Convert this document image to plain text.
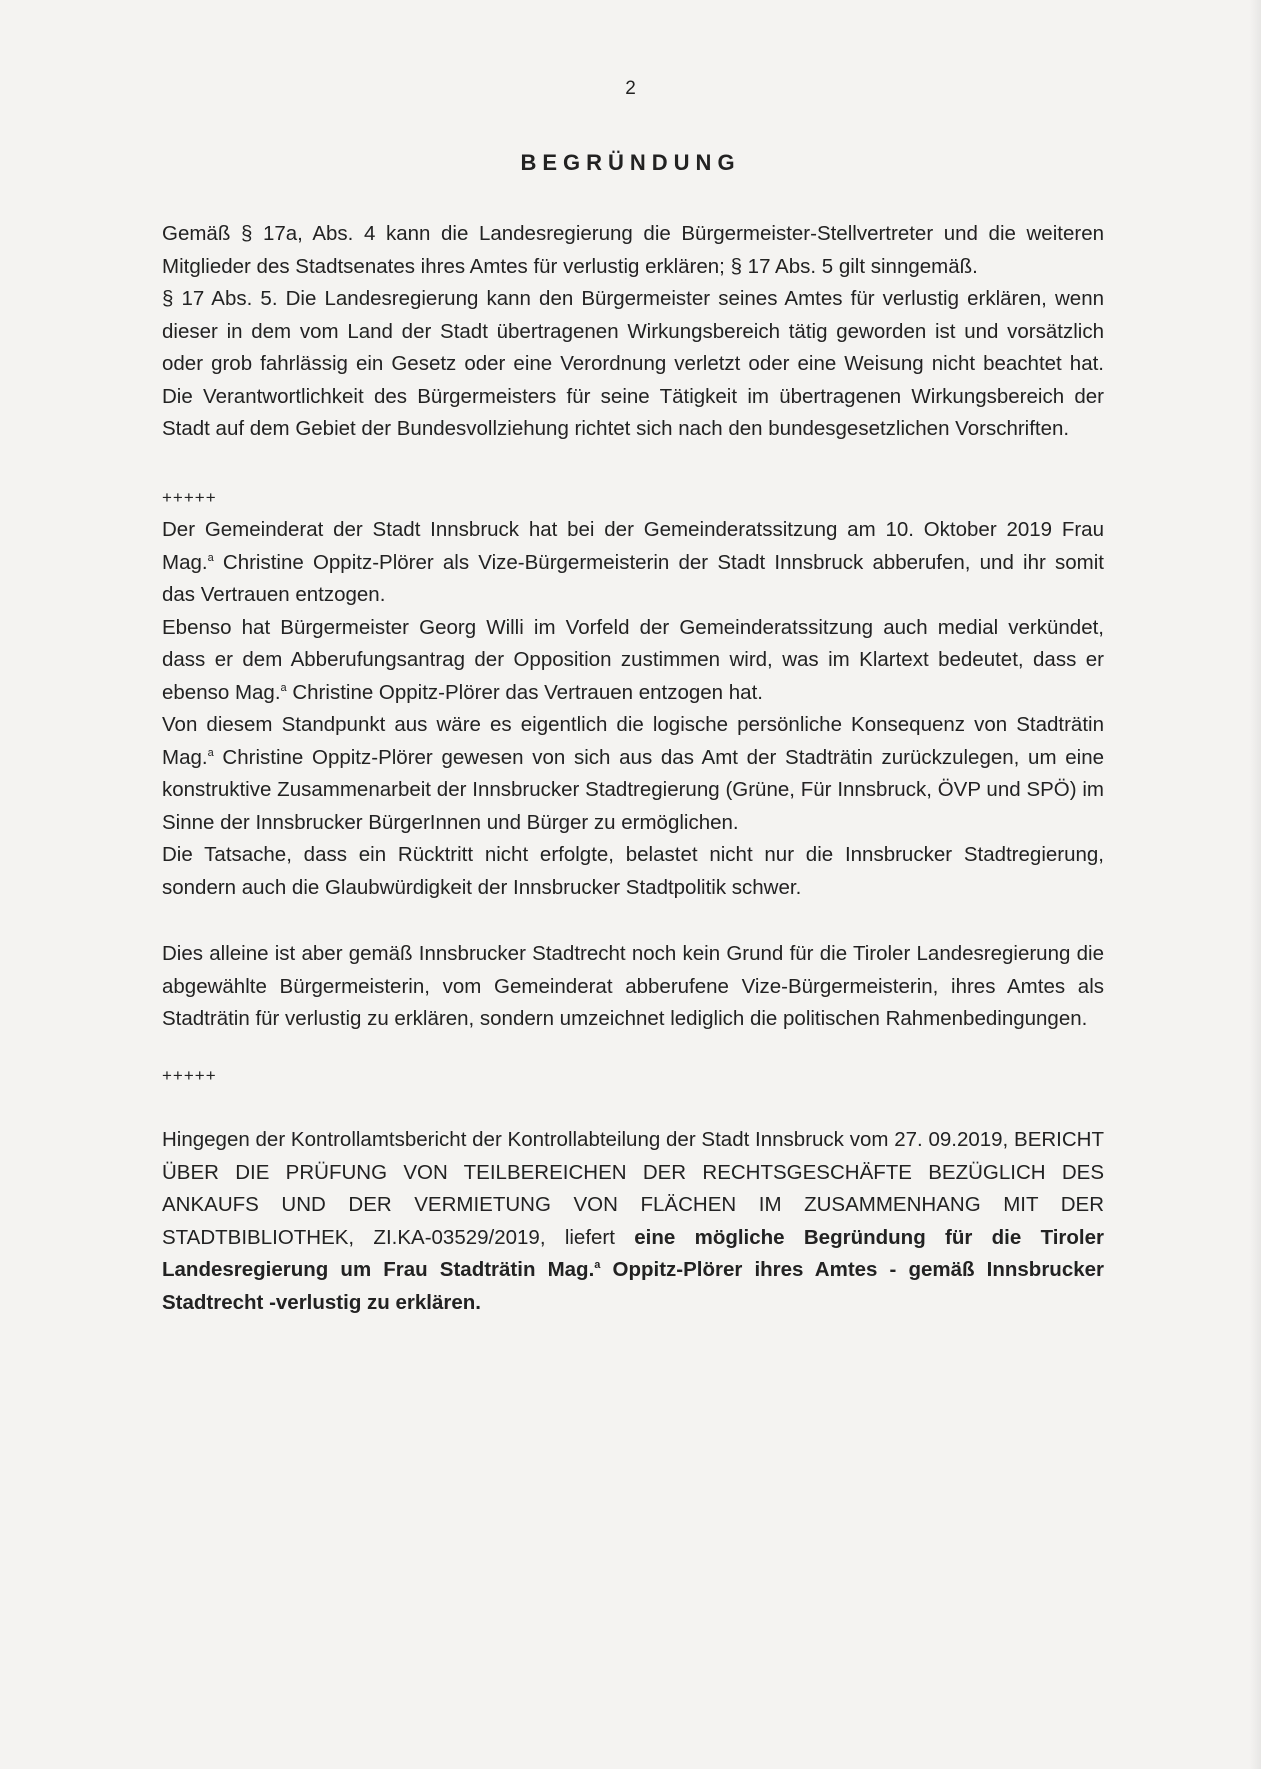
2
BEGRÜNDUNG

Gemäß § 17a, Abs. 4 kann die Landesregierung die Bürgermeister-Stellvertreter und die weiteren Mitglieder des Stadtsenates ihres Amtes für verlustig erklären; § 17 Abs. 5 gilt sinngemäß.

§ 17 Abs. 5. Die Landesregierung kann den Bürgermeister seines Amtes für verlustig erklären, wenn dieser in dem vom Land der Stadt übertragenen Wirkungsbereich tätig geworden ist und vorsätzlich oder grob fahrlässig ein Gesetz oder eine Verordnung verletzt oder eine Weisung nicht beachtet hat. Die Verantwortlichkeit des Bürgermeisters für seine Tätigkeit im übertragenen Wirkungsbereich der Stadt auf dem Gebiet der Bundesvollziehung richtet sich nach den bundesgesetzlichen Vorschriften.

+++++

Der Gemeinderat der Stadt Innsbruck hat bei der Gemeinderatssitzung am 10. Oktober 2019 Frau Mag.$^a$ Christine Oppitz-Plörer als Vize-Bürgermeisterin der Stadt Innsbruck abberufen, und ihr somit das Vertrauen entzogen.

Ebenso hat Bürgermeister Georg Willi im Vorfeld der Gemeinderatssitzung auch medial verkündet, dass er dem Abberufungsantrag der Opposition zustimmen wird, was im Klartext bedeutet, dass er ebenso Mag.$^a$ Christine Oppitz-Plörer das Vertrauen entzogen hat.

Von diesem Standpunkt aus wäre es eigentlich die logische persönliche Konsequenz von Stadträtin Mag.$^a$ Christine Oppitz-Plörer gewesen von sich aus das Amt der Stadträtin zurückzulegen, um eine konstruktive Zusammenarbeit der Innsbrucker Stadtregierung (Grüne, Für Innsbruck, ÖVP und SPÖ) im Sinne der Innsbrucker BürgerInnen und Bürger zu ermöglichen.

Die Tatsache, dass ein Rücktritt nicht erfolgte, belastet nicht nur die Innsbrucker Stadtregierung, sondern auch die Glaubwürdigkeit der Innsbrucker Stadtpolitik schwer.

Dies alleine ist aber gemäß Innsbrucker Stadtrecht noch kein Grund für die Tiroler Landesregierung die abgewählte Bürgermeisterin, vom Gemeinderat abberufene Vize-Bürgermeisterin, ihres Amtes als Stadträtin für verlustig zu erklären, sondern umzeichnet lediglich die politischen Rahmenbedingungen.

+++++

Hingegen der Kontrollamtsbericht der Kontrollabteilung der Stadt Innsbruck vom 27. 09.2019, BERICHT ÜBER DIE PRÜFUNG VON TEILBEREICHEN DER RECHTSGESCHÄFTE BEZÜGLICH DES ANKAUFS UND DER VERMIETUNG VON FLÄCHEN IM ZUSAMMENHANG MIT DER STADTBIBLIOTHEK, ZI.KA-03529/2019, liefert eine mögliche Begründung für die Tiroler Landesregierung um Frau Stadträtin Mag.$^a$ Oppitz-Plörer ihres Amtes - gemäß Innsbrucker Stadtrecht -verlustig zu erklären.
